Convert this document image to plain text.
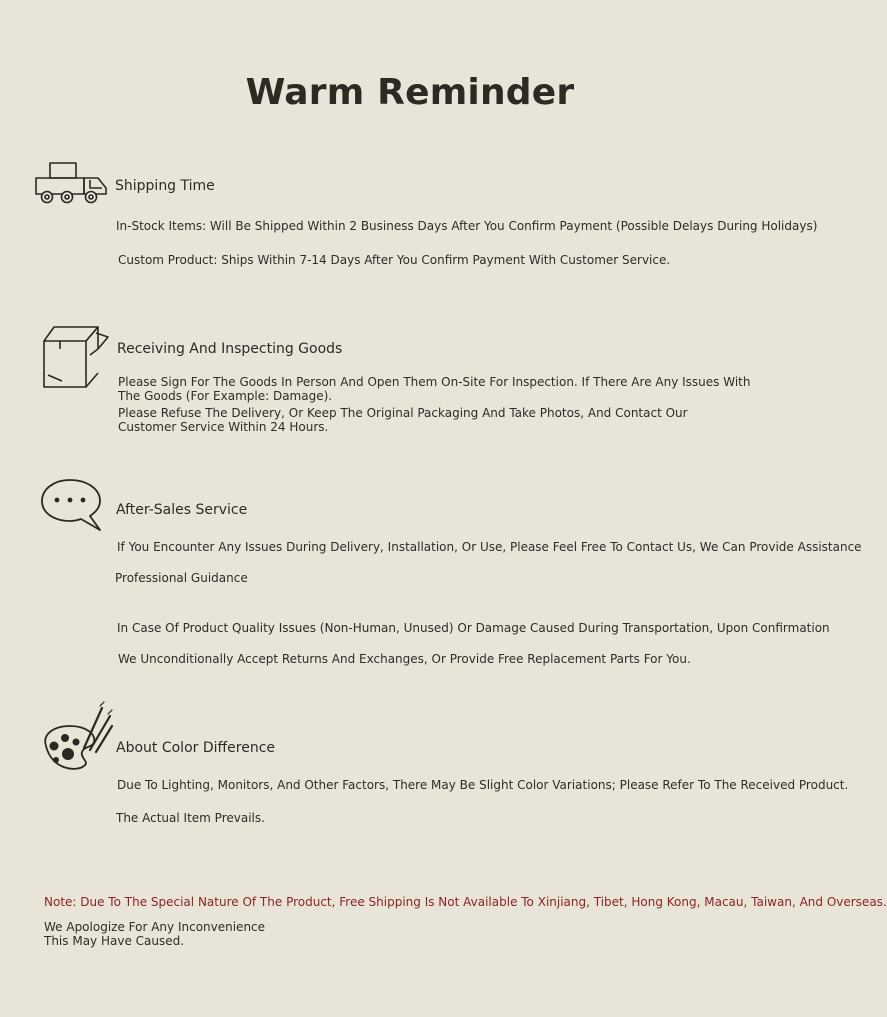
Warm Reminder
Shipping Time
In-Stock Items: Will Be Shipped Within 2 Business Days After You Confirm Payment (Possible Delays During Holidays)
Custom Product: Ships Within 7-14 Days After You Confirm Payment With Customer Service.
Receiving And Inspecting Goods
Please Sign For The Goods In Person And Open Them On-Site For Inspection. If There Are Any Issues With The Goods (For Example: Damage).
Please Refuse The Delivery, Or Keep The Original Packaging And Take Photos, And Contact Our Customer Service Within 24 Hours.
After-Sales Service
If You Encounter Any Issues During Delivery, Installation, Or Use, Please Feel Free To Contact Us, We Can Provide Assistance
Professional Guidance
In Case Of Product Quality Issues (Non-Human, Unused) Or Damage Caused During Transportation, Upon Confirmation
We Unconditionally Accept Returns And Exchanges, Or Provide Free Replacement Parts For You.
About Color Difference
Due To Lighting, Monitors, And Other Factors, There May Be Slight Color Variations; Please Refer To The Received Product.
The Actual Item Prevails.
Note: Due To The Special Nature Of The Product, Free Shipping Is Not Available To Xinjiang, Tibet, Hong Kong, Macau, Taiwan, And Overseas.
We Apologize For Any Inconvenience This May Have Caused.
